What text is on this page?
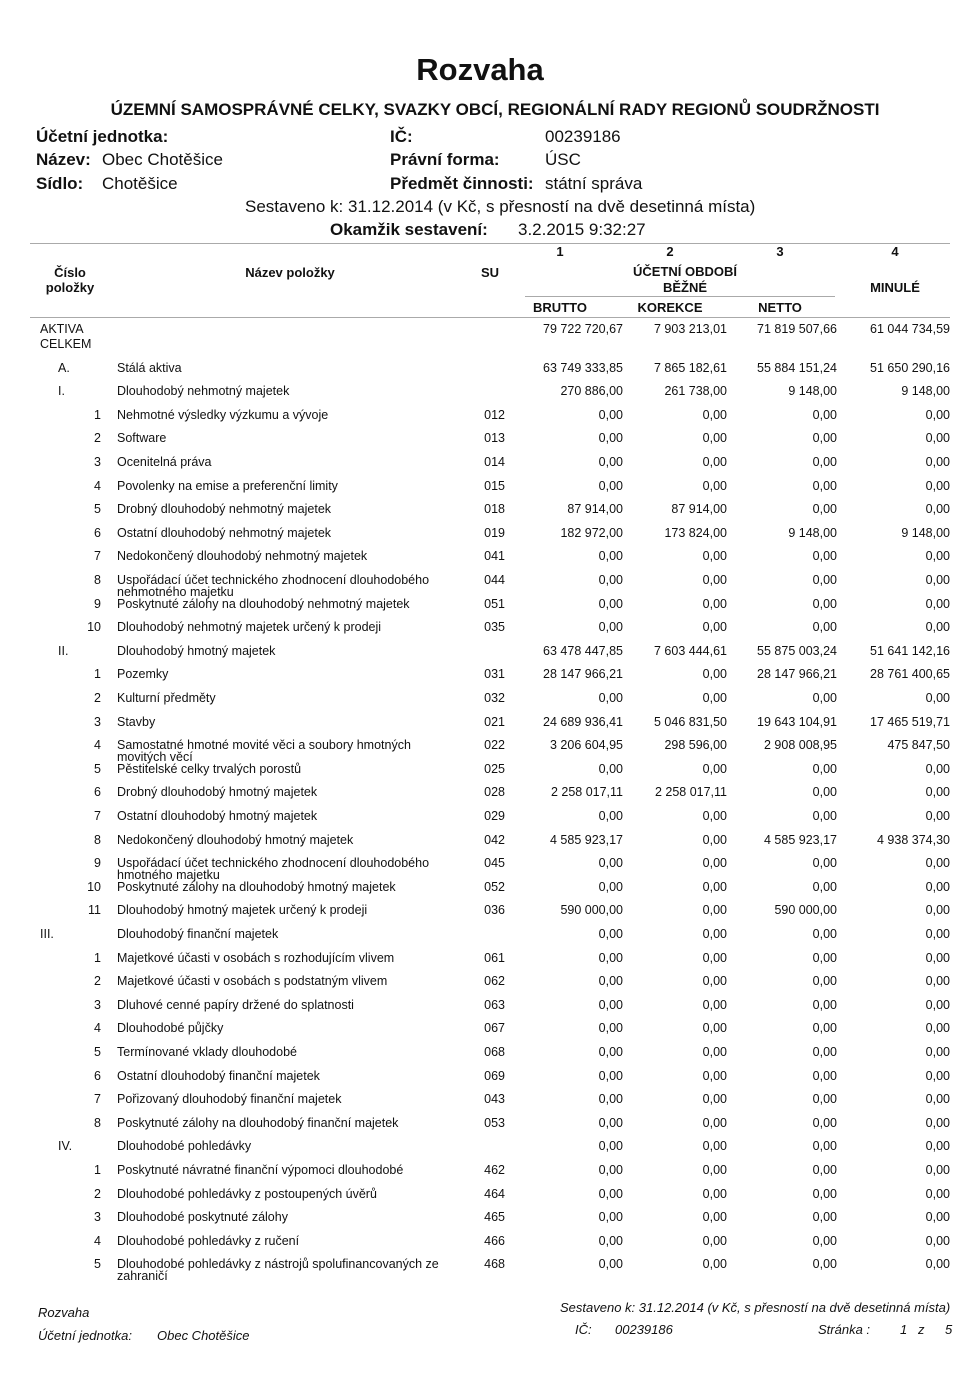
Rozvaha
ÚZEMNÍ SAMOSPRÁVNÉ CELKY, SVAZKY OBCÍ, REGIONÁLNÍ RADY REGIONŮ SOUDRŽNOSTI
Účetní jednotka:	IČ:	00239186
Název: Obec Chotěšice	Právní forma:	ÚSC
Sídlo: Chotěšice	Předmět činnosti: státní správa
Sestaveno k: 31.12.2014 (v Kč, s přesností na dvě desetinná místa)
Okamžik sestavení: 3.2.2015 9:32:27
1	2	3	4
Číslo
položky
Název položky	SU	ÚČETNÍ OBDOBÍ
BĚŽNÉ	MINULÉ
BRUTTO	KOREKCE	NETTO
AKTIVA	79 722 720,67	7 903 213,01	71 819 507,66	61 044 734,59
CELKEM
A.	Stálá aktiva	63 749 333,85	7 865 182,61	55 884 151,24	51 650 290,16
I.	Dlouhodobý nehmotný majetek	270 886,00	261 738,00	9 148,00	9 148,00
1 Nehmotné výsledky výzkumu a vývoje	012	0,00	0,00	0,00	0,00
2 Software	013	0,00	0,00	0,00	0,00
3 Ocenitelná práva	014	0,00	0,00	0,00	0,00
4 Povolenky na emise a preferenční limity	015	0,00	0,00	0,00	0,00
5 Drobný dlouhodobý nehmotný majetek	018	87 914,00	87 914,00	0,00	0,00
6 Ostatní dlouhodobý nehmotný majetek	019	182 972,00	173 824,00	9 148,00	9 148,00
7 Nedokončený dlouhodobý nehmotný majetek	041	0,00	0,00	0,00	0,00
8 Uspořádací účet technického zhodnocení dlouhodobého
nehmotného majetku
044	0,00	0,00	0,00	0,00
9 Poskytnuté zálohy na dlouhodobý nehmotný majetek	051	0,00	0,00	0,00	0,00
10 Dlouhodobý nehmotný majetek určený k prodeji	035	0,00	0,00	0,00	0,00
II.	Dlouhodobý hmotný majetek	63 478 447,85	7 603 444,61	55 875 003,24	51 641 142,16
1 Pozemky	031	28 147 966,21	0,00	28 147 966,21	28 761 400,65
2 Kulturní předměty	032	0,00	0,00	0,00	0,00
3 Stavby	021	24 689 936,41	5 046 831,50	19 643 104,91	17 465 519,71
4 Samostatné hmotné movité věci a soubory hmotných
movitých věcí
022	3 206 604,95	298 596,00	2 908 008,95	475 847,50
5 Pěstitelské celky trvalých porostů	025	0,00	0,00	0,00	0,00
6 Drobný dlouhodobý hmotný majetek	028	2 258 017,11	2 258 017,11	0,00	0,00
7 Ostatní dlouhodobý hmotný majetek	029	0,00	0,00	0,00	0,00
8 Nedokončený dlouhodobý hmotný majetek	042	4 585 923,17	0,00	4 585 923,17	4 938 374,30
9 Uspořádací účet technického zhodnocení dlouhodobého
hmotného majetku
045	0,00	0,00	0,00	0,00
10 Poskytnuté zálohy na dlouhodobý hmotný majetek	052	0,00	0,00	0,00	0,00
11 Dlouhodobý hmotný majetek určený k prodeji	036	590 000,00	0,00	590 000,00	0,00
III.	Dlouhodobý finanční majetek	0,00	0,00	0,00	0,00
1 Majetkové účasti v osobách s rozhodujícím vlivem	061	0,00	0,00	0,00	0,00
2 Majetkové účasti v osobách s podstatným vlivem	062	0,00	0,00	0,00	0,00
3 Dluhové cenné papíry držené do splatnosti	063	0,00	0,00	0,00	0,00
4 Dlouhodobé půjčky	067	0,00	0,00	0,00	0,00
5 Termínované vklady dlouhodobé	068	0,00	0,00	0,00	0,00
6 Ostatní dlouhodobý finanční majetek	069	0,00	0,00	0,00	0,00
7 Pořizovaný dlouhodobý finanční majetek	043	0,00	0,00	0,00	0,00
8 Poskytnuté zálohy na dlouhodobý finanční majetek	053	0,00	0,00	0,00	0,00
IV.	Dlouhodobé pohledávky	0,00	0,00	0,00	0,00
1 Poskytnuté návratné finanční výpomoci dlouhodobé	462	0,00	0,00	0,00	0,00
2 Dlouhodobé pohledávky z postoupených úvěrů	464	0,00	0,00	0,00	0,00
3 Dlouhodobé poskytnuté zálohy	465	0,00	0,00	0,00	0,00
4 Dlouhodobé pohledávky z ručení	466	0,00	0,00	0,00	0,00
5 Dlouhodobé pohledávky z nástrojů spolufinancovaných ze
zahraničí
468	0,00	0,00	0,00	0,00
Rozvaha
Účetní jednotka: Obec Chotěšice
Sestaveno k: 31.12.2014 (v Kč, s přesností na dvě desetinná místa)
IČ: 00239186	Stránka : 1 z 5
